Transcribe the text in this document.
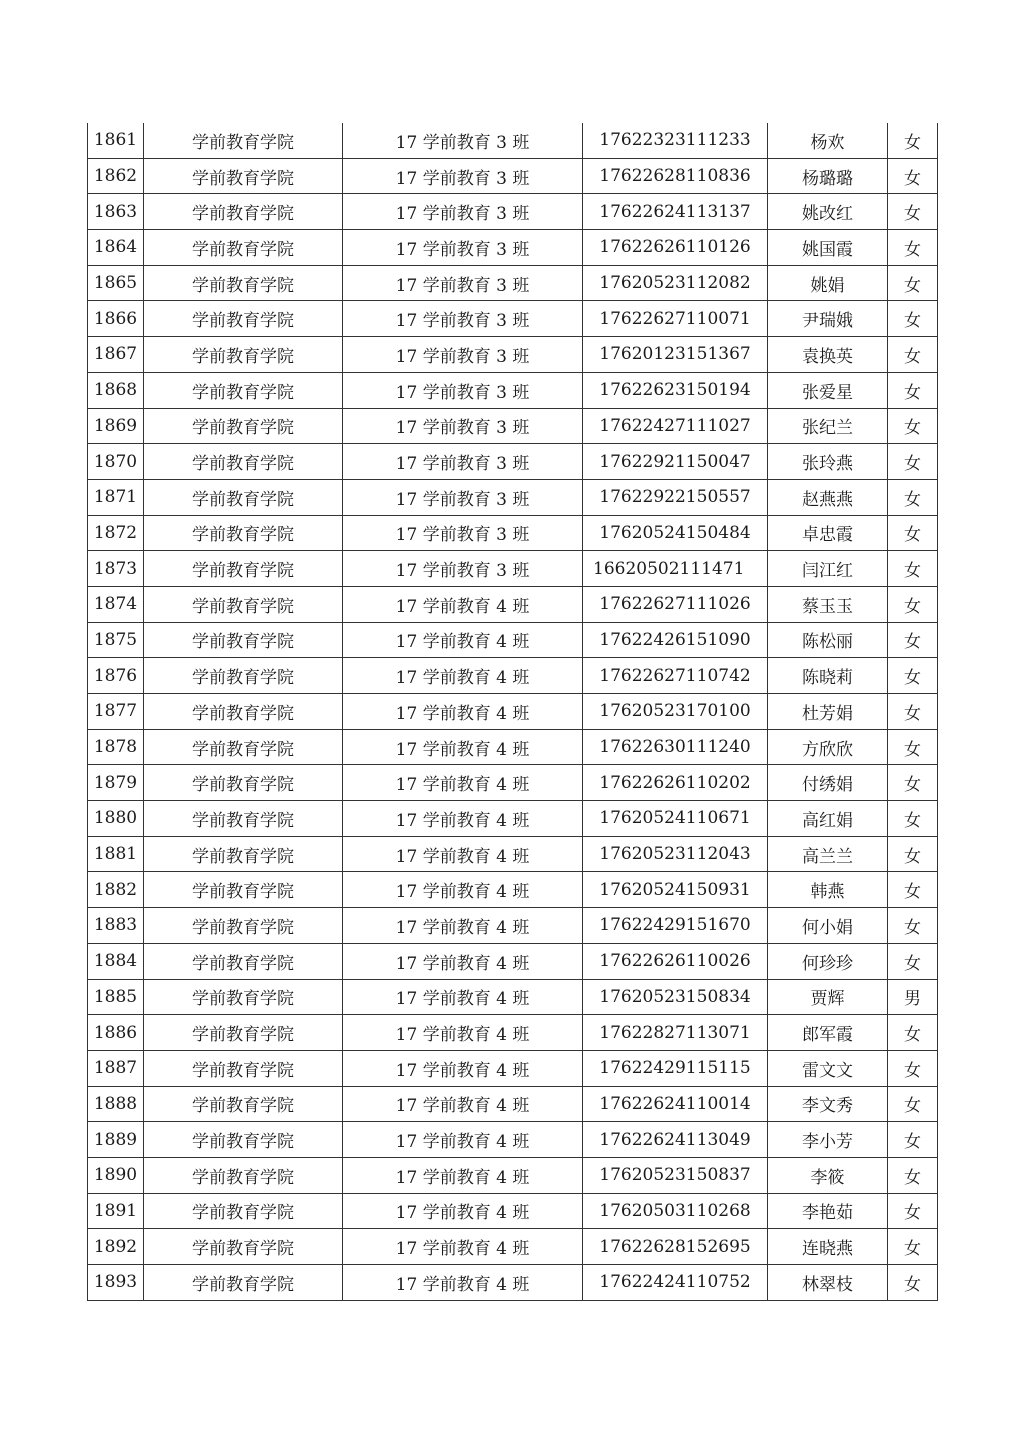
1861	学前教育学院	17 学前教育 3 班	17622323111233	杨欢	女
1862	学前教育学院	17 学前教育 3 班	17622628110836	杨璐璐	女
1863	学前教育学院	17 学前教育 3 班	17622624113137	姚改红	女
1864	学前教育学院	17 学前教育 3 班	17622626110126	姚国霞	女
1865	学前教育学院	17 学前教育 3 班	17620523112082	姚娟	女
1866	学前教育学院	17 学前教育 3 班	17622627110071	尹瑞娥	女
1867	学前教育学院	17 学前教育 3 班	17620123151367	袁换英	女
1868	学前教育学院	17 学前教育 3 班	17622623150194	张爱星	女
1869	学前教育学院	17 学前教育 3 班	17622427111027	张纪兰	女
1870	学前教育学院	17 学前教育 3 班	17622921150047	张玲燕	女
1871	学前教育学院	17 学前教育 3 班	17622922150557	赵燕燕	女
1872	学前教育学院	17 学前教育 3 班	17620524150484	卓忠霞	女
1873	学前教育学院	17 学前教育 3 班	16620502111471	闫江红	女
1874	学前教育学院	17 学前教育 4 班	17622627111026	蔡玉玉	女
1875	学前教育学院	17 学前教育 4 班	17622426151090	陈松丽	女
1876	学前教育学院	17 学前教育 4 班	17622627110742	陈晓莉	女
1877	学前教育学院	17 学前教育 4 班	17620523170100	杜芳娟	女
1878	学前教育学院	17 学前教育 4 班	17622630111240	方欣欣	女
1879	学前教育学院	17 学前教育 4 班	17622626110202	付绣娟	女
1880	学前教育学院	17 学前教育 4 班	17620524110671	高红娟	女
1881	学前教育学院	17 学前教育 4 班	17620523112043	高兰兰	女
1882	学前教育学院	17 学前教育 4 班	17620524150931	韩燕	女
1883	学前教育学院	17 学前教育 4 班	17622429151670	何小娟	女
1884	学前教育学院	17 学前教育 4 班	17622626110026	何珍珍	女
1885	学前教育学院	17 学前教育 4 班	17620523150834	贾辉	男
1886	学前教育学院	17 学前教育 4 班	17622827113071	郎军霞	女
1887	学前教育学院	17 学前教育 4 班	17622429115115	雷文文	女
1888	学前教育学院	17 学前教育 4 班	17622624110014	李文秀	女
1889	学前教育学院	17 学前教育 4 班	17622624113049	李小芳	女
1890	学前教育学院	17 学前教育 4 班	17620523150837	李筱	女
1891	学前教育学院	17 学前教育 4 班	17620503110268	李艳茹	女
1892	学前教育学院	17 学前教育 4 班	17622628152695	连晓燕	女
1893	学前教育学院	17 学前教育 4 班	17622424110752	林翠枝	女
